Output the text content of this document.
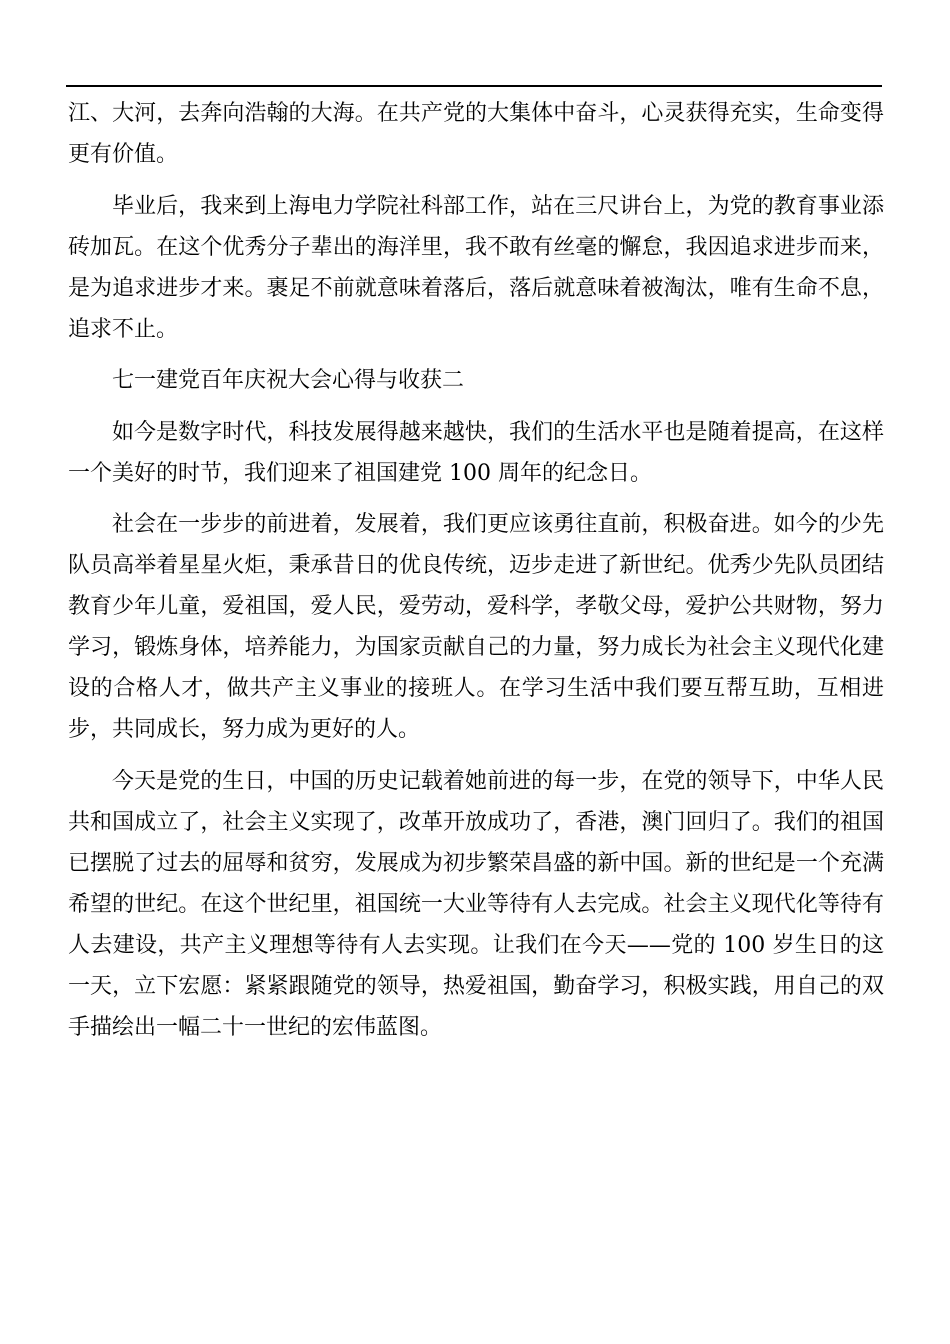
江、大河，去奔向浩翰的大海。在共产党的大集体中奋斗，心灵获得充实，生命变得更有价值。

毕业后，我来到上海电力学院社科部工作，站在三尺讲台上，为党的教育事业添砖加瓦。在这个优秀分子辈出的海洋里，我不敢有丝毫的懈怠，我因追求进步而来，是为追求进步才来。裹足不前就意味着落后，落后就意味着被淘汰，唯有生命不息，追求不止。

七一建党百年庆祝大会心得与收获二

如今是数字时代，科技发展得越来越快，我们的生活水平也是随着提高，在这样一个美好的时节，我们迎来了祖国建党 100 周年的纪念日。

社会在一步步的前进着，发展着，我们更应该勇往直前，积极奋进。如今的少先队员高举着星星火炬，秉承昔日的优良传统，迈步走进了新世纪。优秀少先队员团结教育少年儿童，爱祖国，爱人民，爱劳动，爱科学，孝敬父母，爱护公共财物，努力学习，锻炼身体，培养能力，为国家贡献自己的力量，努力成长为社会主义现代化建设的合格人才，做共产主义事业的接班人。在学习生活中我们要互帮互助，互相进步，共同成长，努力成为更好的人。

今天是党的生日，中国的历史记载着她前进的每一步，在党的领导下，中华人民共和国成立了，社会主义实现了，改革开放成功了，香港，澳门回归了。我们的祖国已摆脱了过去的屈辱和贫穷，发展成为初步繁荣昌盛的新中国。新的世纪是一个充满希望的世纪。在这个世纪里，祖国统一大业等待有人去完成。社会主义现代化等待有人去建设，共产主义理想等待有人去实现。让我们在今天——党的 100 岁生日的这一天，立下宏愿：紧紧跟随党的领导，热爱祖国，勤奋学习，积极实践，用自己的双手描绘出一幅二十一世纪的宏伟蓝图。
